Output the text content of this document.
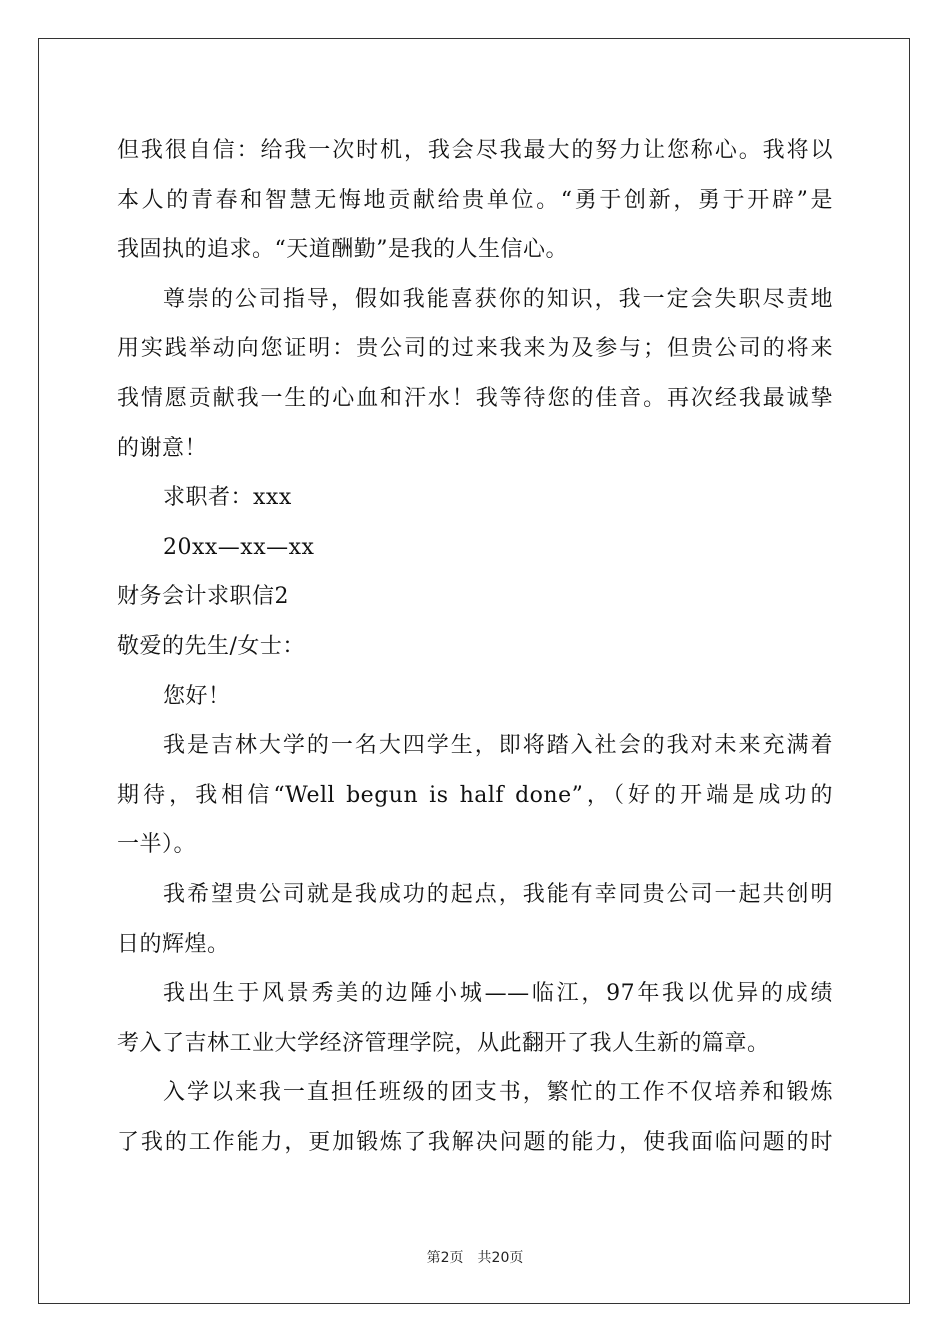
但我很自信：给我一次时机，我会尽我最大的努力让您称心。我将以
本人的青春和智慧无悔地贡献给贵单位。“勇于创新，勇于开辟”是
我固执的追求。“天道酬勤”是我的人生信心。
尊崇的公司指导，假如我能喜获你的知识，我一定会失职尽责地
用实践举动向您证明：贵公司的过来我来为及参与；但贵公司的将来
我情愿贡献我一生的心血和汗水！我等待您的佳音。再次经我最诚挚
的谢意！
求职者：xxx
20xx—xx—xx
财务会计求职信2
敬爱的先生/女士：
您好！
我是吉林大学的一名大四学生，即将踏入社会的我对未来充满着
期待，我相信“Well begun is half done”，（好的开端是成功的
一半）。
我希望贵公司就是我成功的起点，我能有幸同贵公司一起共创明
日的辉煌。
我出生于风景秀美的边陲小城——临江，97年我以优异的成绩
考入了吉林工业大学经济管理学院，从此翻开了我人生新的篇章。
入学以来我一直担任班级的团支书，繁忙的工作不仅培养和锻炼
了我的工作能力，更加锻炼了我解决问题的能力，使我面临问题的时
第2页 共20页
